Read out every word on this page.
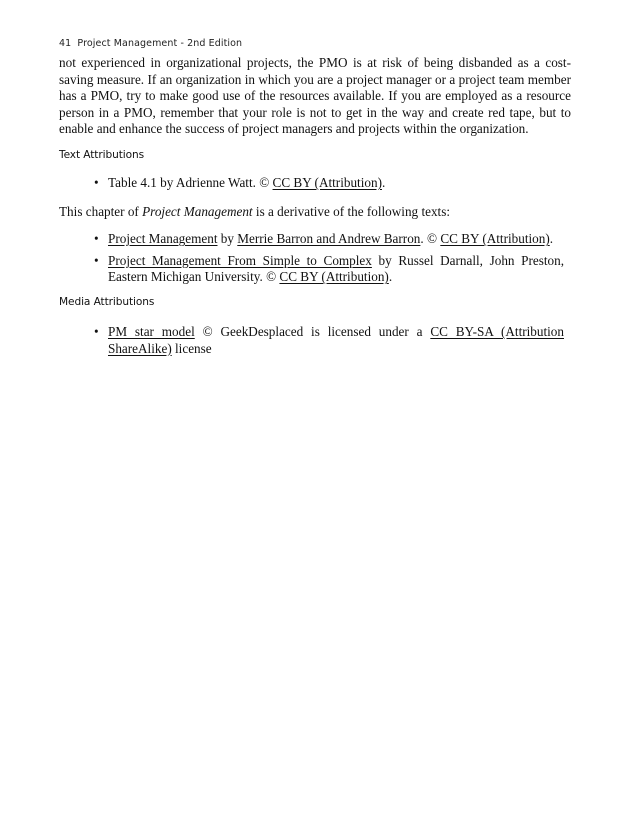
41 Project Management - 2nd Edition

not experienced in organizational projects, the PMO is at risk of being disbanded as a cost-saving measure. If an organization in which you are a project manager or a project team member has a PMO, try to make good use of the resources available. If you are employed as a resource person in a PMO, remember that your role is not to get in the way and create red tape, but to enable and enhance the success of project managers and projects within the organization.

Text Attributions
• Table 4.1 by Adrienne Watt. © CC BY (Attribution).

This chapter of Project Management is a derivative of the following texts:

• Project Management by Merrie Barron and Andrew Barron. © CC BY (Attribution).
• Project Management From Simple to Complex by Russel Darnall, John Preston, Eastern Michigan University. © CC BY (Attribution).
Media Attributions
• PM star model © GeekDesplaced is licensed under a CC BY-SA (Attribution ShareAlike) license
